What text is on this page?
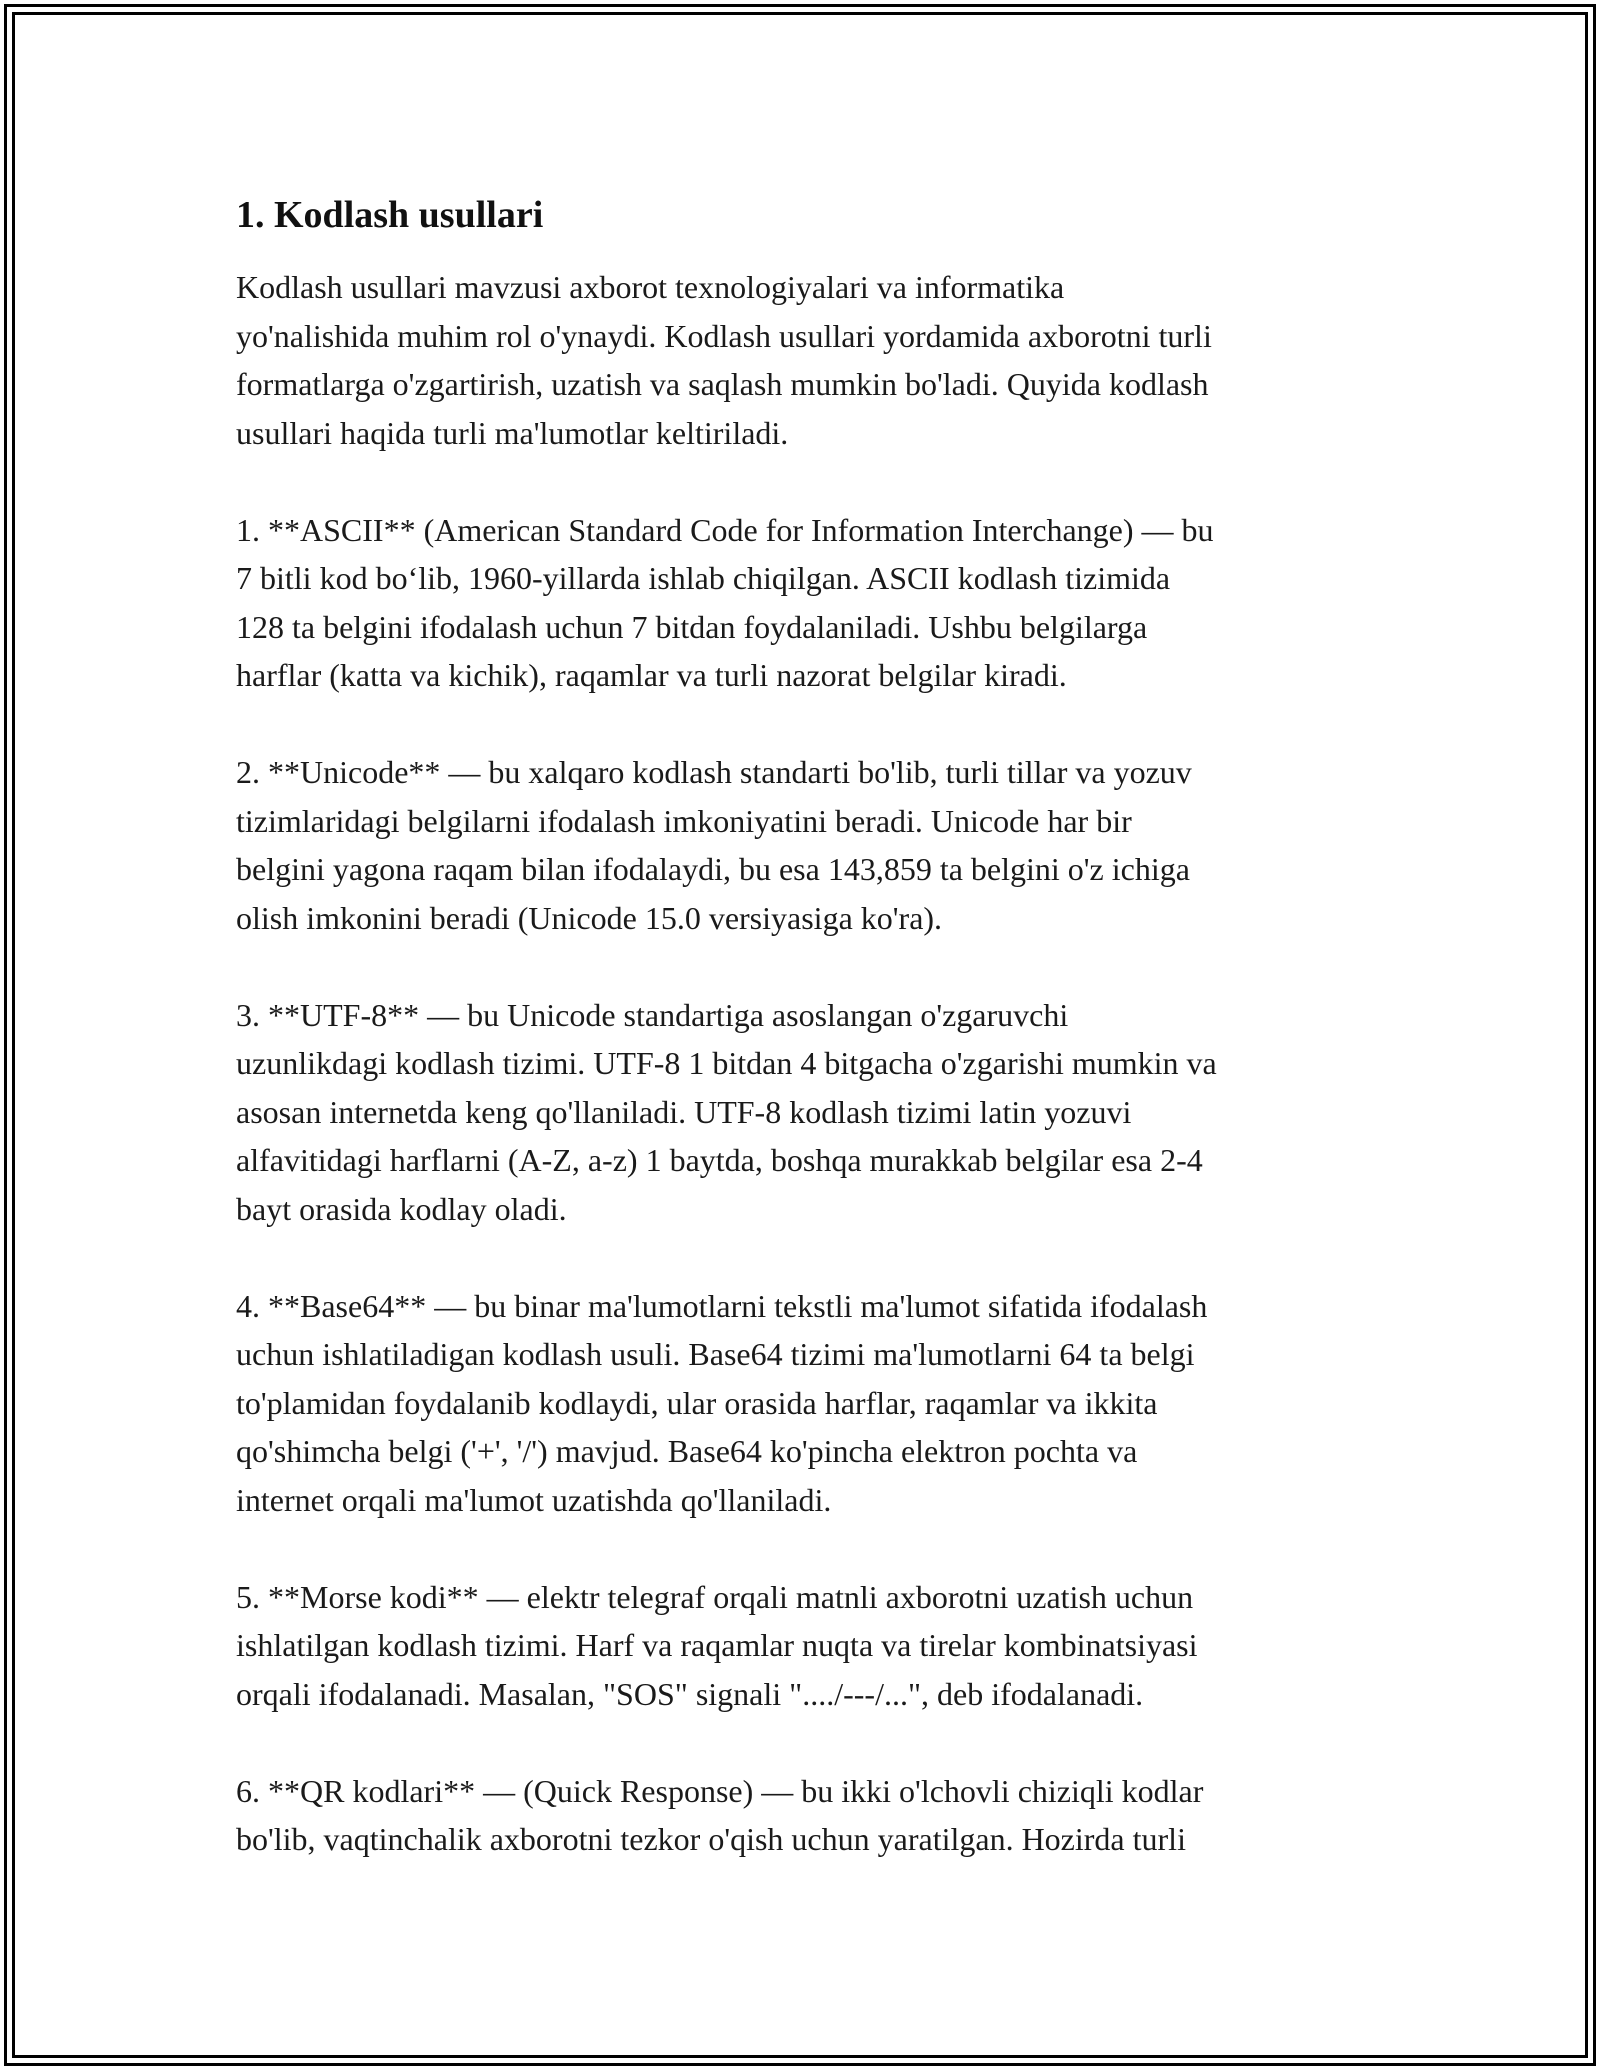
1. Kodlash usullari

Kodlash usullari mavzusi axborot texnologiyalari va informatika
yo'nalishida muhim rol o'ynaydi. Kodlash usullari yordamida axborotni turli
formatlarga o'zgartirish, uzatish va saqlash mumkin bo'ladi. Quyida kodlash
usullari haqida turli ma'lumotlar keltiriladi.

1. **ASCII** (American Standard Code for Information Interchange) — bu
7 bitli kod bo‘lib, 1960-yillarda ishlab chiqilgan. ASCII kodlash tizimida
128 ta belgini ifodalash uchun 7 bitdan foydalaniladi. Ushbu belgilarga
harflar (katta va kichik), raqamlar va turli nazorat belgilar kiradi.

2. **Unicode** — bu xalqaro kodlash standarti bo'lib, turli tillar va yozuv
tizimlaridagi belgilarni ifodalash imkoniyatini beradi. Unicode har bir
belgini yagona raqam bilan ifodalaydi, bu esa 143,859 ta belgini o'z ichiga
olish imkonini beradi (Unicode 15.0 versiyasiga ko'ra).

3. **UTF-8** — bu Unicode standartiga asoslangan o'zgaruvchi
uzunlikdagi kodlash tizimi. UTF-8 1 bitdan 4 bitgacha o'zgarishi mumkin va
asosan internetda keng qo'llaniladi. UTF-8 kodlash tizimi latin yozuvi
alfavitidagi harflarni (A-Z, a-z) 1 baytda, boshqa murakkab belgilar esa 2-4
bayt orasida kodlay oladi.

4. **Base64** — bu binar ma'lumotlarni tekstli ma'lumot sifatida ifodalash
uchun ishlatiladigan kodlash usuli. Base64 tizimi ma'lumotlarni 64 ta belgi
to'plamidan foydalanib kodlaydi, ular orasida harflar, raqamlar va ikkita
qo'shimcha belgi ('+', '/') mavjud. Base64 ko'pincha elektron pochta va
internet orqali ma'lumot uzatishda qo'llaniladi.

5. **Morse kodi** — elektr telegraf orqali matnli axborotni uzatish uchun
ishlatilgan kodlash tizimi. Harf va raqamlar nuqta va tirelar kombinatsiyasi
orqali ifodalanadi. Masalan, "SOS" signali "..../---/...", deb ifodalanadi.

6. **QR kodlari** — (Quick Response) — bu ikki o'lchovli chiziqli kodlar
bo'lib, vaqtinchalik axborotni tezkor o'qish uchun yaratilgan. Hozirda turli
